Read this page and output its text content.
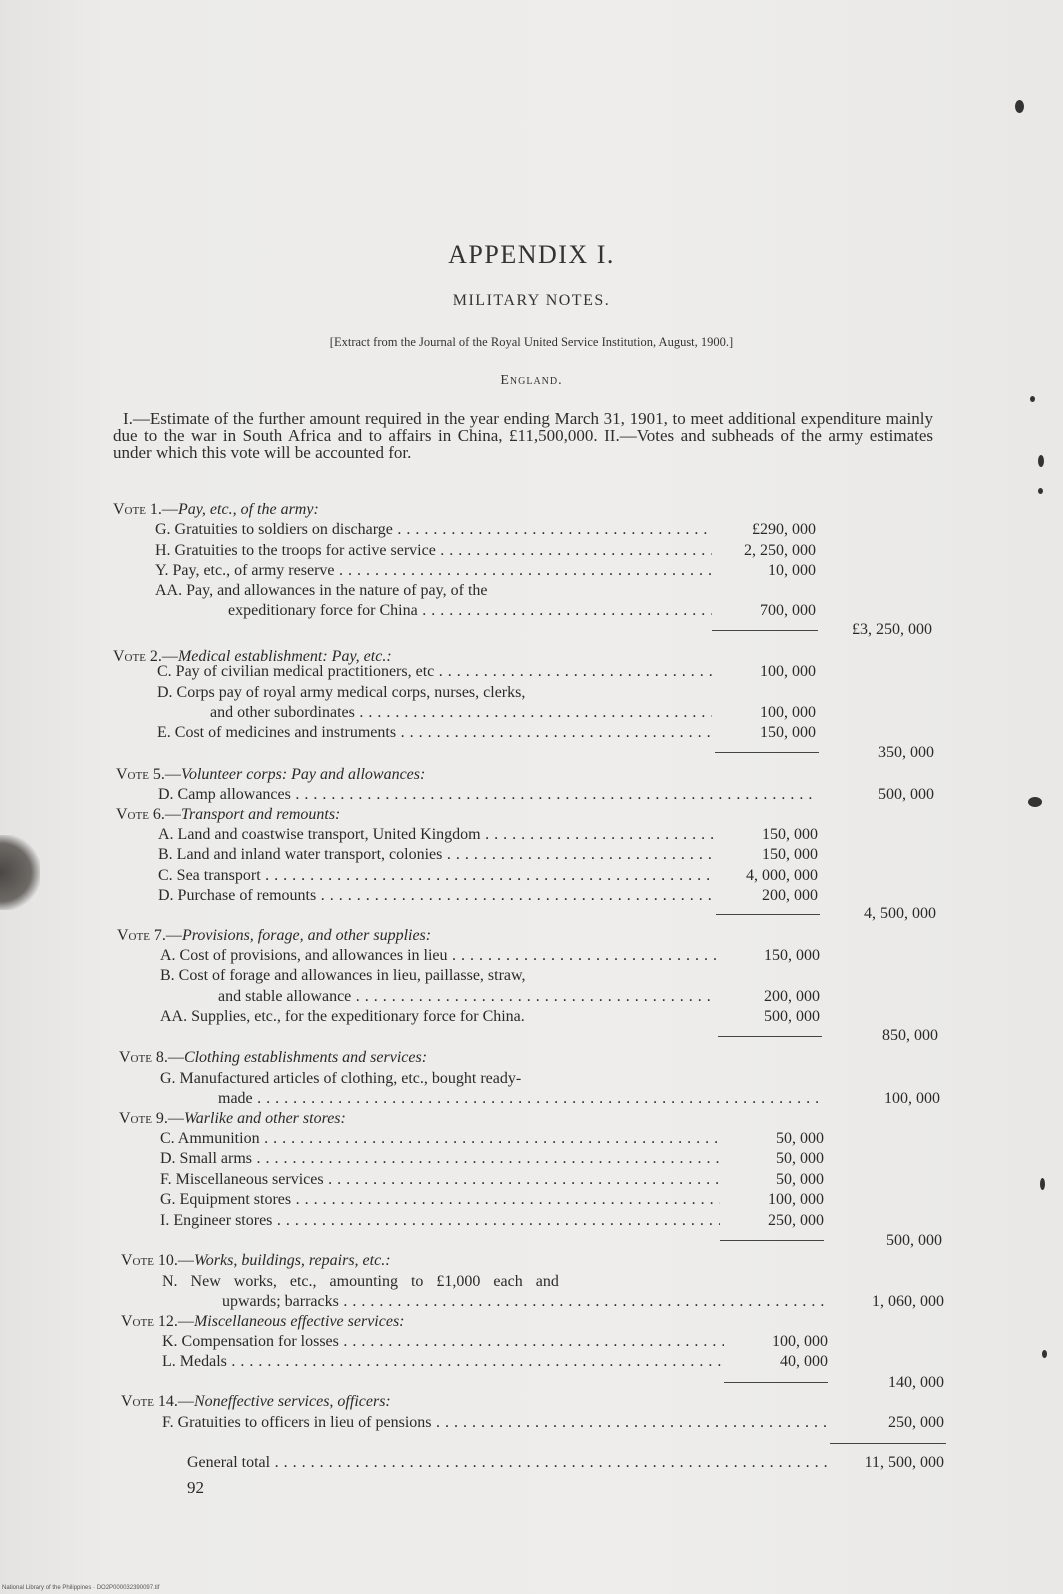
APPENDIX I.
MILITARY NOTES.
[Extract from the Journal of the Royal United Service Institution, August, 1900.]
England.
I.—Estimate of the further amount required in the year ending March 31, 1901, to meet additional expenditure mainly due to the war in South Africa and to affairs in China, £11,500,000. II.—Votes and subheads of the army estimates under which this vote will be accounted for.
Vote 1.—Pay, etc., of the army:
G. Gratuities to soldiers on discharge . . .	£290, 000
H. Gratuities to the troops for active service . . .	2, 250, 000
Y. Pay, etc., of army reserve . . .	10, 000
AA. Pay, and allowances in the nature of pay, of the
expeditionary force for China . . .	700, 000
£3, 250, 000
Vote 2.—Medical establishment: Pay, etc.:
C. Pay of civilian medical practitioners, etc . . .	100, 000
D. Corps pay of royal army medical corps, nurses, clerks,
and other subordinates . . .	100, 000
E. Cost of medicines and instruments . . .	150, 000
350, 000
Vote 5.—Volunteer corps: Pay and allowances:
D. Camp allowances . . .	500, 000
Vote 6.—Transport and remounts:
A. Land and coastwise transport, United Kingdom . . .	150, 000
B. Land and inland water transport, colonies . . .	150, 000
C. Sea transport . . .	4, 000, 000
D. Purchase of remounts . . .	200, 000
4, 500, 000
Vote 7.—Provisions, forage, and other supplies:
A. Cost of provisions, and allowances in lieu . . .	150, 000
B. Cost of forage and allowances in lieu, paillasse, straw,
and stable allowance . . .	200, 000
AA. Supplies, etc., for the expeditionary force for China.	500, 000
850, 000
Vote 8.—Clothing establishments and services:
G. Manufactured articles of clothing, etc., bought ready-
made . . .	100, 000
Vote 9.—Warlike and other stores:
C. Ammunition . . .	50, 000
D. Small arms . . .	50, 000
F. Miscellaneous services . . .	50, 000
G. Equipment stores . . .	100, 000
I. Engineer stores . . .	250, 000
500, 000
Vote 10.—Works, buildings, repairs, etc.:
N. New works, etc., amounting to £1,000 each and
upwards; barracks . . .	1, 060, 000
Vote 12.—Miscellaneous effective services:
K. Compensation for losses . . .	100, 000
L. Medals . . .	40, 000
140, 000
Vote 14.—Noneffective services, officers:
F. Gratuities to officers in lieu of pensions . . .	250, 000
General total . . .	11, 500, 000
92
National Library of the Philippines · DO2P000032390097.tif
